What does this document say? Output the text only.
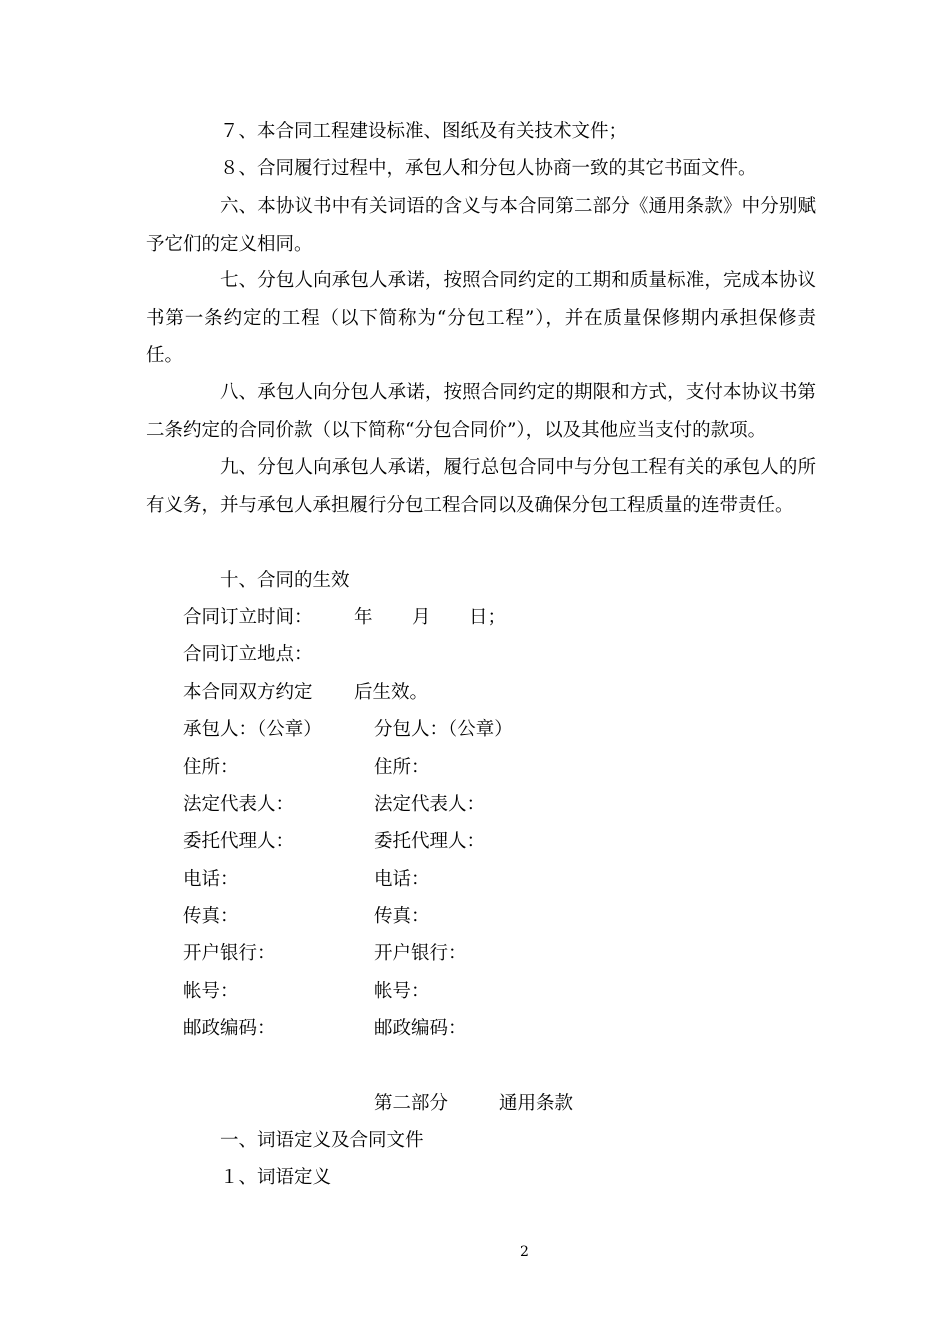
７、本合同工程建设标准、图纸及有关技术文件；
８、合同履行过程中，承包人和分包人协商一致的其它书面文件。
六、本协议书中有关词语的含义与本合同第二部分《通用条款》中分别赋予它们的定义相同。
七、分包人向承包人承诺，按照合同约定的工期和质量标准，完成本协议书第一条约定的工程（以下简称为“分包工程”），并在质量保修期内承担保修责任。
八、承包人向分包人承诺，按照合同约定的期限和方式，支付本协议书第二条约定的合同价款（以下简称“分包合同价”），以及其他应当支付的款项。
九、分包人向承包人承诺，履行总包合同中与分包工程有关的承包人的所有义务，并与承包人承担履行分包工程合同以及确保分包工程质量的连带责任。
十、合同的生效
合同订立时间： 年 月 日；
合同订立地点：
本合同双方约定 后生效。
承包人：（公章）	分包人：（公章）
住所：	住所：
法定代表人：	法定代表人：
委托代理人：	委托代理人：
电话：	电话：
传真：	传真：
开户银行：	开户银行：
帐号：	帐号：
邮政编码：	邮政编码：
第二部分	通用条款
一、词语定义及合同文件
１、词语定义
2
